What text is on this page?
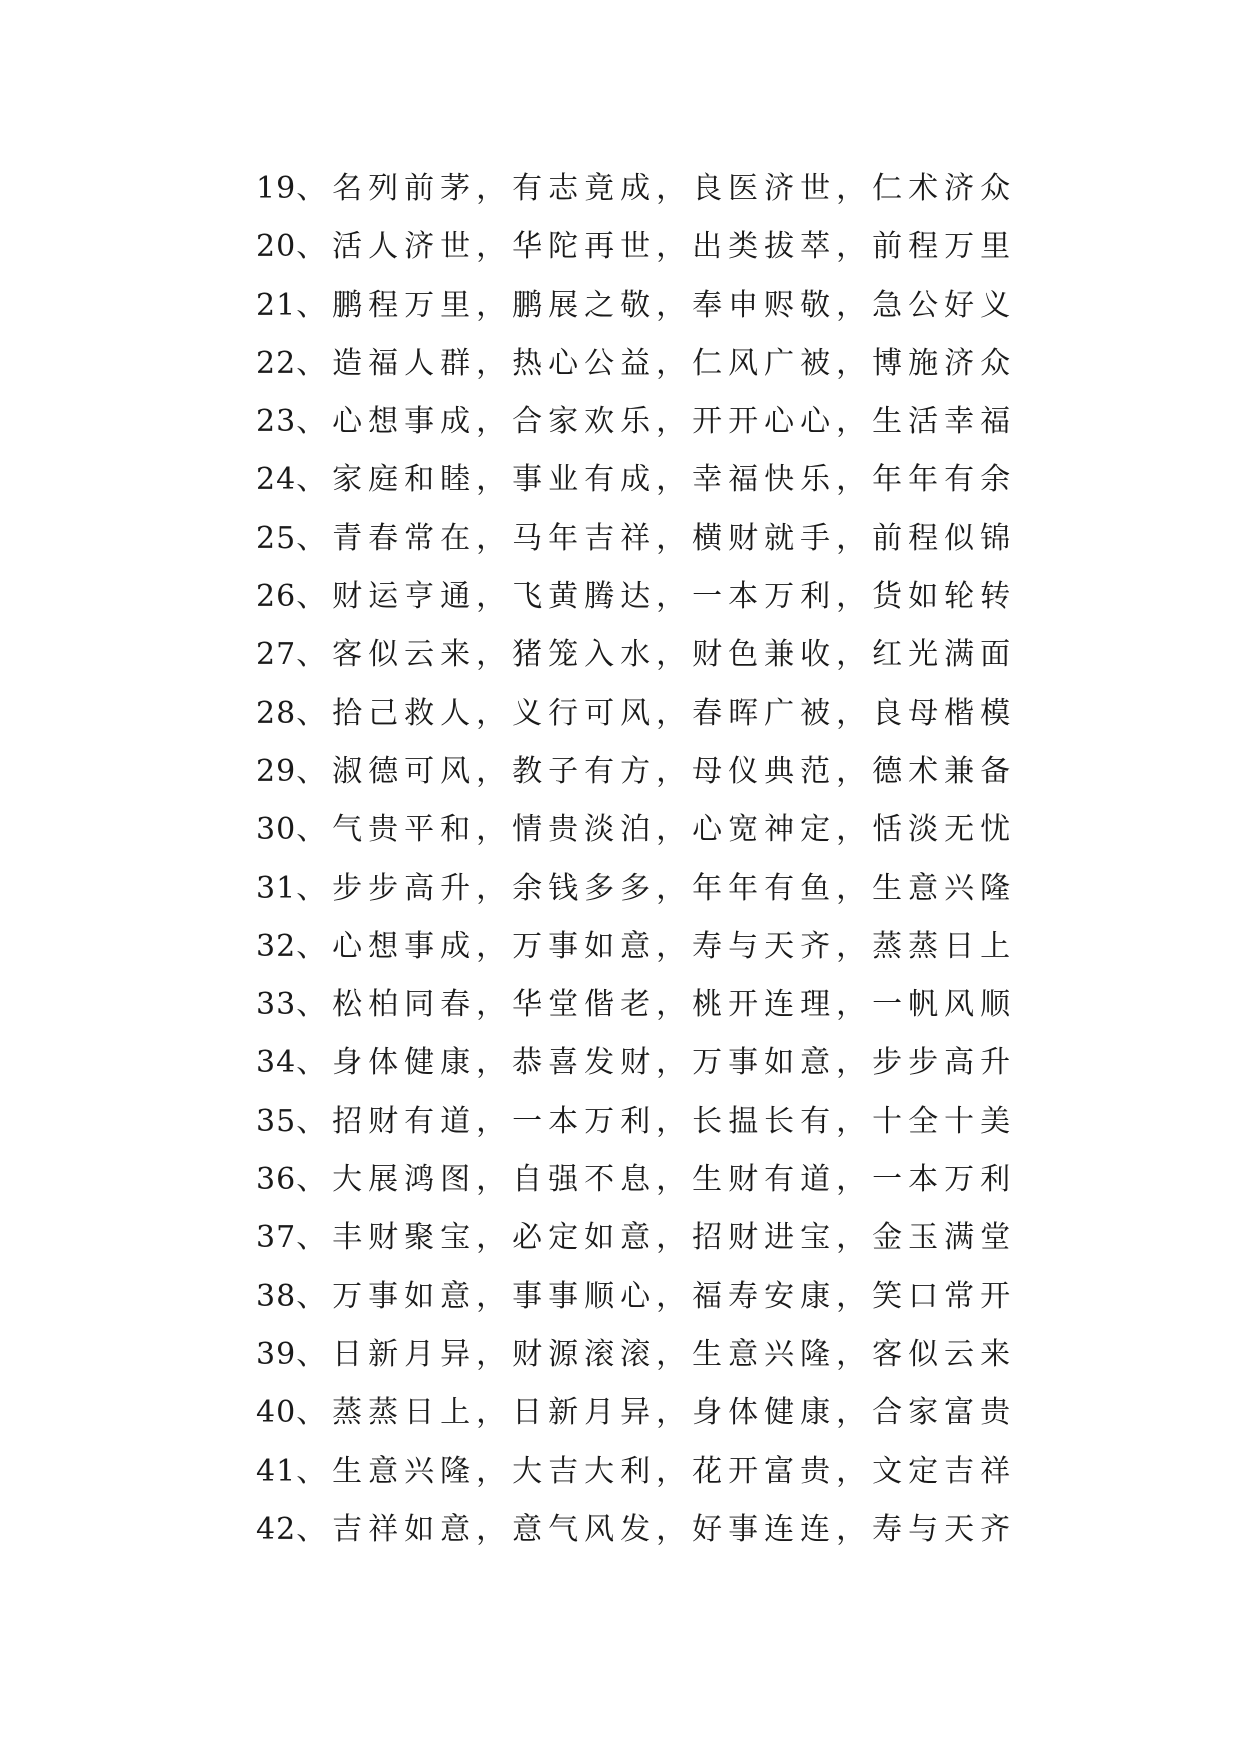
19、名列前茅，有志竟成，良医济世，仁术济众
20、活人济世，华陀再世，出类拔萃，前程万里
21、鹏程万里，鹏展之敬，奉申赆敬，急公好义
22、造福人群，热心公益，仁风广被，博施济众
23、心想事成，合家欢乐，开开心心，生活幸福
24、家庭和睦，事业有成，幸福快乐，年年有余
25、青春常在，马年吉祥，横财就手，前程似锦
26、财运亨通，飞黄腾达，一本万利，货如轮转
27、客似云来，猪笼入水，财色兼收，红光满面
28、拾己救人，义行可风，春晖广被，良母楷模
29、淑德可风，教子有方，母仪典范，德术兼备
30、气贵平和，情贵淡泊，心宽神定，恬淡无忧
31、步步高升，余钱多多，年年有鱼，生意兴隆
32、心想事成，万事如意，寿与天齐，蒸蒸日上
33、松柏同春，华堂偕老，桃开连理，一帆风顺
34、身体健康，恭喜发财，万事如意，步步高升
35、招财有道，一本万利，长揾长有，十全十美
36、大展鸿图，自强不息，生财有道，一本万利
37、丰财聚宝，必定如意，招财进宝，金玉满堂
38、万事如意，事事顺心，福寿安康，笑口常开
39、日新月异，财源滚滚，生意兴隆，客似云来
40、蒸蒸日上，日新月异，身体健康，合家富贵
41、生意兴隆，大吉大利，花开富贵，文定吉祥
42、吉祥如意，意气风发，好事连连，寿与天齐
